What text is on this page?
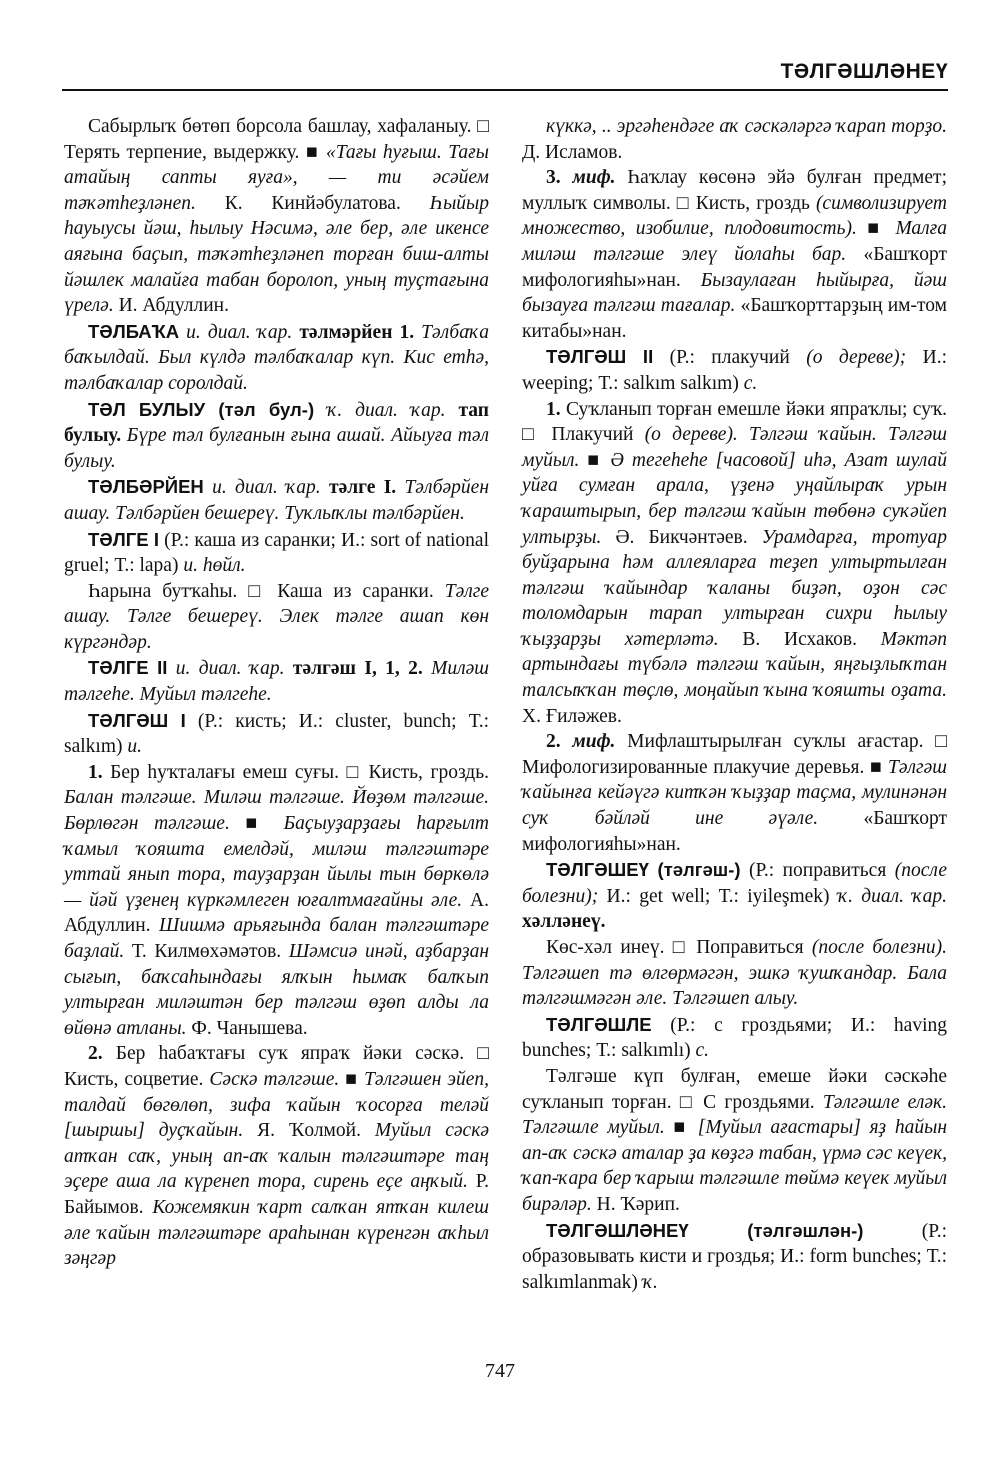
ТӘЛГӘШЛӘНЕҮ

Сабырлыҡ бөтөп борсола башлау, хафаланыу. □ Терять терпение, выдержку. ■ «Тағы һуғыш. Тағы атайың сапты яуға», — ти әсәйем тәҡәтһеҙләнеп. К. Кинйәбулатова. Һыйыр һауыусы йәш, һылыу Нәсимә, әле бер, әле икенсе аяғына баҫып, тәҡәтһеҙләнеп торған биш-алты йәшлек малайға табан боролоп, уның туҫтағына үрелә. И. Абдуллин.

ТӘЛБАҠА и. диал. ҡар. тәлмәрйен 1. Тәлбаҡа баҡылдай. Был күлдә тәлбаҡалар күп. Кис етһә, тәлбаҡалар соролдай.

ТӘЛ БУЛЫУ (тәл бул-) ҡ. диал. ҡар. тап булыу. Бүре тәл булғанын ғына ашай. Айыуға тәл булыу.

ТӘЛБӘРЙЕН и. диал. ҡар. тәлге I. Тәлбәрйен ашау. Тәлбәрйен бешереү. Туҡлыҡлы тәлбәрйен.

ТӘЛГЕ I (Р.: каша из саранки; И.: sort of national gruel; Т.: lapa) и. һөйл.

Һарына бутҡаһы. □ Каша из саранки. Тәлге ашау. Тәлге бешереү. Элек тәлге ашап көн күргәндәр.

ТӘЛГЕ II и. диал. ҡар. тәлгәш I, 1, 2. Миләш тәлгеһе. Муйыл тәлгеһе.

ТӘЛГӘШ I (Р.: кисть; И.: cluster, bunch; Т.: salkım) и.

1. Бер һуҡталағы емеш суғы. □ Кисть, гроздь. Балан тәлгәше. Миләш тәлгәше. Йөҙөм тәлгәше. Бөрлөгән тәлгәше. ■ Баҫыуҙарҙағы һарғылт ҡамыл ҡояшта емелдәй, миләш тәлгәштәре уттай янып тора, тауҙарҙан йылы тын бөркөлә — йәй үҙенең күркәмлеген юғалтмағайны әле. А. Абдуллин. Шишмә арьяғында балан тәлгәштәре баҙлай. Т. Килмөхәмәтов. Шәмсиә инәй, аҙбарҙан сығып, баҡсаһындағы ялҡын һымаҡ балҡып ултырған миләштән бер тәлгәш өҙөп алды ла өйөнә атланы. Ф. Чанышева.

2. Бер һабаҡтағы суҡ япраҡ йәки сәскә. □ Кисть, соцветие. Сәскә тәлгәше. ■ Тәлгәшен эйеп, талдай бөгөлөп, зифа ҡайын ҡосорға теләй [шыршы] дуҫҡайын. Я. Ҡолмой. Муйыл сәскә атҡан саҡ, уның ап-аҡ ҡалын тәлгәштәре таң эҫере аша ла күренеп тора, сирень еҫе аңҡый. Р. Байымов. Кожемякин ҡарт салҡан ятҡан килеш әле ҡайын тәлгәштәре араһынан күренгән аҡһыл зәңгәр

күккә, .. эргәһендәге аҡ сәскәләргә ҡарап торҙо. Д. Исламов.

3. миф. Һаҡлау көсөнә эйә булған предмет; муллыҡ символы. □ Кисть, гроздь (символизирует множество, изобилие, плодовитость). ■ Малға миләш тәлгәше элеү йолаһы бар. «Башҡорт мифологияһы»нан. Бызаулаған һыйырға, йәш бызауға тәлгәш тағалар. «Башҡорттарҙың им-том китабы»нан.

ТӘЛГӘШ II (Р.: плакучий (о дереве); И.: weeping; Т.: salkım salkım) с.

1. Суҡланып торған емешле йәки япраҡлы; суҡ. □ Плакучий (о дереве). Тәлгәш ҡайын. Тәлгәш муйыл. ■ Ә тегеһеһе [часовой] иһә, Азат шулай уйға сумған арала, үҙенә уңайлыраҡ урын ҡараштырып, бер тәлгәш ҡайын төбөнә суҡәйеп ултырҙы. Ә. Бикчәнтәев. Урамдарға, тротуар буйҙарына һәм аллеяларға теҙеп ултыртылған тәлгәш ҡайындар ҡаланы биҙәп, оҙон сәс толомдарын тарап ултырған сихри һылыу ҡыҙҙарҙы хәтерләтә. В. Исхаков. Мәктәп артындағы түбәлә тәлгәш ҡайын, яңғыҙлыҡтан талсыҡҡан төҫлө, моңайып ҡына ҡояшты оҙата. Х. Ғиләжев.

2. миф. Мифлаштырылған суҡлы ағастар. □ Мифологизированные плакучие деревья. ■ Тәлгәш ҡайынға кейәүгә китҡән ҡыҙҙар таҫма, мулинәнән суҡ бәйләй ине әүәле. «Башҡорт мифологияһы»нан.

ТӘЛГӘШЕҮ (тәлгәш-) (Р.: поправиться (после болезни); И.: get well; Т.: iyileşmek) ҡ. диал. ҡар. хәлләнеү.

Көс-хәл инеү. □ Поправиться (после болезни). Тәлгәшеп тә өлгөрмәгән, эшкә ҡушҡандар. Бала тәлгәшмәгән әле. Тәлгәшеп алыу.

ТӘЛГӘШЛЕ (Р.: с гроздьями; И.: having bunches; Т.: salkımlı) с.

Тәлгәше күп булған, емеше йәки сәскәһе суҡланып торған. □ С гроздьями. Тәлгәшле еләк. Тәлгәшле муйыл. ■ [Муйыл ағастары] яҙ һайын ап-аҡ сәскә аталар ҙа көҙгә табан, үрмә сәс кеүек, ҡап-ҡара бер ҡарыш тәлгәшле төймә кеүек муйыл бирәләр. Н. Ҡәрип.

ТӘЛГӘШЛӘНЕҮ (тәлгәшлән-) (Р.: образовывать кисти и гроздья; И.: form bunches; Т.: salkımlanmak) ҡ.

747
